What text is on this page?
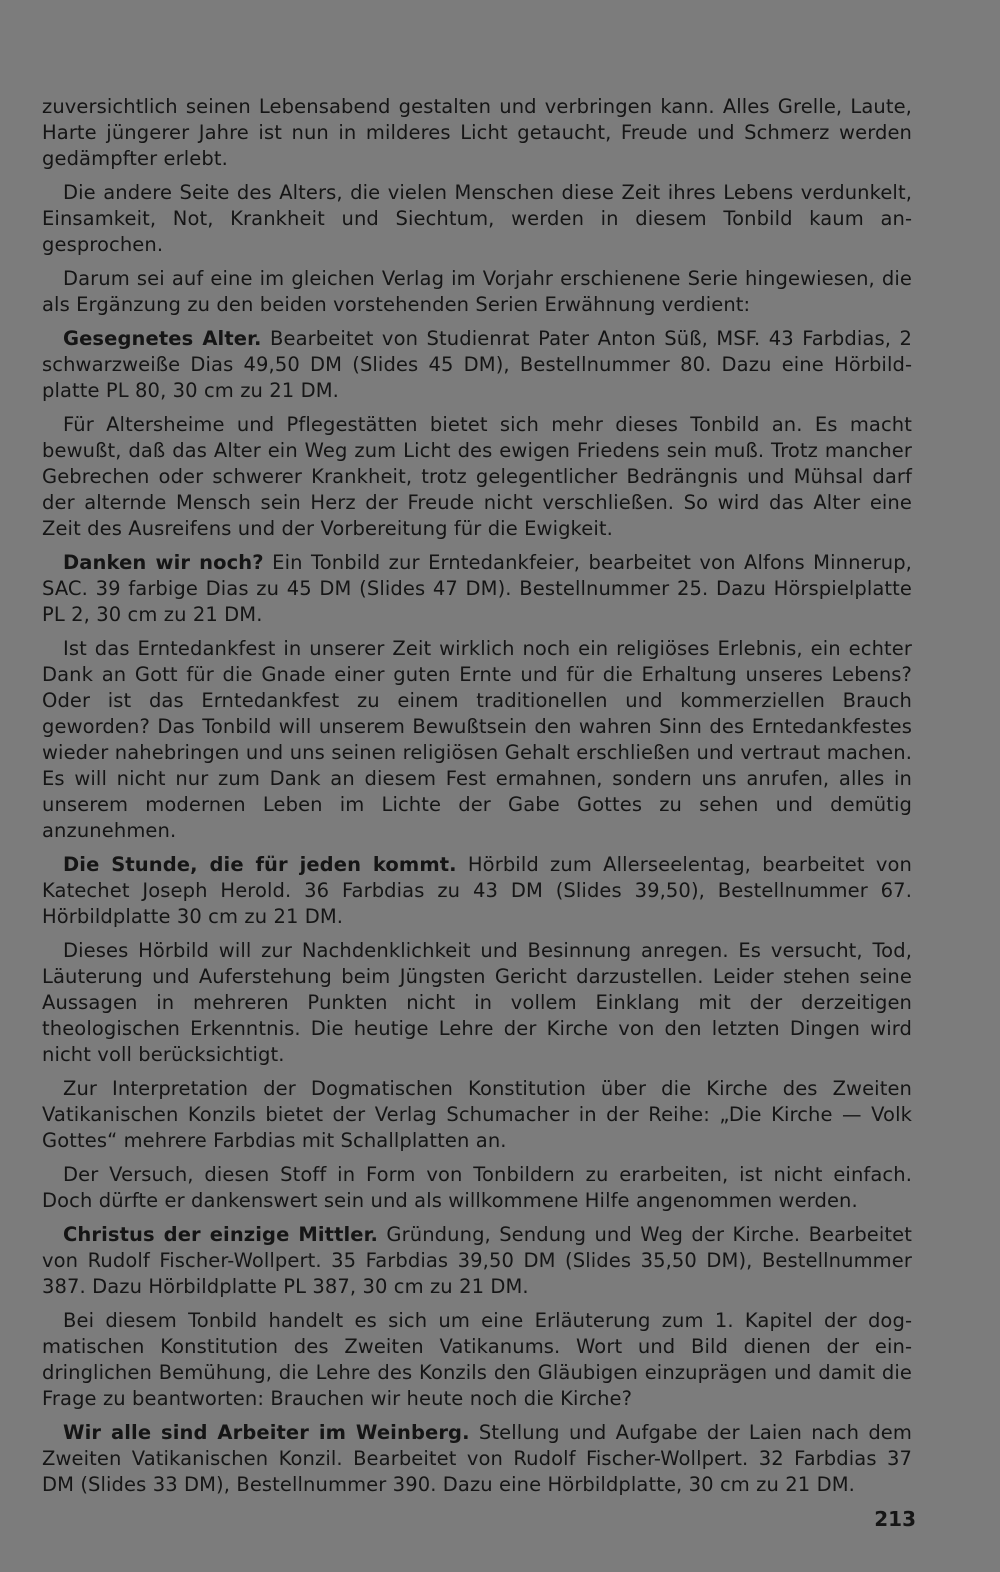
zuversichtlich seinen Lebensabend gestalten und verbringen kann. Alles Grelle, Laute, Harte jüngerer Jahre ist nun in milderes Licht getaucht, Freude und Schmerz werden gedämpfter erlebt.

Die andere Seite des Alters, die vielen Menschen diese Zeit ihres Lebens verdunkelt, Einsamkeit, Not, Krankheit und Siechtum, werden in diesem Tonbild kaum angesprochen.

Darum sei auf eine im gleichen Verlag im Vorjahr erschienene Serie hingewiesen, die als Ergänzung zu den beiden vorstehenden Serien Erwähnung verdient:

Gesegnetes Alter. Bearbeitet von Studienrat Pater Anton Süß, MSF. 43 Farbdias, 2 schwarzweiße Dias 49,50 DM (Slides 45 DM), Bestellnummer 80. Dazu eine Hörbildplatte PL 80, 30 cm zu 21 DM.

Für Altersheime und Pflegestätten bietet sich mehr dieses Tonbild an. Es macht bewußt, daß das Alter ein Weg zum Licht des ewigen Friedens sein muß. Trotz mancher Gebrechen oder schwerer Krankheit, trotz gelegentlicher Bedrängnis und Mühsal darf der alternde Mensch sein Herz der Freude nicht verschließen. So wird das Alter eine Zeit des Ausreifens und der Vorbereitung für die Ewigkeit.

Danken wir noch? Ein Tonbild zur Erntedankfeier, bearbeitet von Alfons Minnerup, SAC. 39 farbige Dias zu 45 DM (Slides 47 DM). Bestellnummer 25. Dazu Hörspielplatte PL 2, 30 cm zu 21 DM.

Ist das Erntedankfest in unserer Zeit wirklich noch ein religiöses Erlebnis, ein echter Dank an Gott für die Gnade einer guten Ernte und für die Erhaltung unseres Lebens? Oder ist das Erntedankfest zu einem traditionellen und kommerziellen Brauch geworden? Das Tonbild will unserem Bewußtsein den wahren Sinn des Erntedankfestes wieder nahebringen und uns seinen religiösen Gehalt erschließen und vertraut machen. Es will nicht nur zum Dank an diesem Fest ermahnen, sondern uns anrufen, alles in unserem modernen Leben im Lichte der Gabe Gottes zu sehen und demütig anzunehmen.

Die Stunde, die für jeden kommt. Hörbild zum Allerseelentag, bearbeitet von Katechet Joseph Herold. 36 Farbdias zu 43 DM (Slides 39,50), Bestellnummer 67. Hörbildplatte 30 cm zu 21 DM.

Dieses Hörbild will zur Nachdenklichkeit und Besinnung anregen. Es versucht, Tod, Läuterung und Auferstehung beim Jüngsten Gericht darzustellen. Leider stehen seine Aussagen in mehreren Punkten nicht in vollem Einklang mit der derzeitigen theologischen Erkenntnis. Die heutige Lehre der Kirche von den letzten Dingen wird nicht voll berücksichtigt.

Zur Interpretation der Dogmatischen Konstitution über die Kirche des Zweiten Vatikanischen Konzils bietet der Verlag Schumacher in der Reihe: „Die Kirche — Volk Gottes“ mehrere Farbdias mit Schallplatten an.

Der Versuch, diesen Stoff in Form von Tonbildern zu erarbeiten, ist nicht einfach. Doch dürfte er dankenswert sein und als willkommene Hilfe angenommen werden.

Christus der einzige Mittler. Gründung, Sendung und Weg der Kirche. Bearbeitet von Rudolf Fischer-Wollpert. 35 Farbdias 39,50 DM (Slides 35,50 DM), Bestellnummer 387. Dazu Hörbildplatte PL 387, 30 cm zu 21 DM.

Bei diesem Tonbild handelt es sich um eine Erläuterung zum 1. Kapitel der dogmatischen Konstitution des Zweiten Vatikanums. Wort und Bild dienen der eindringlichen Bemühung, die Lehre des Konzils den Gläubigen einzuprägen und damit die Frage zu beantworten: Brauchen wir heute noch die Kirche?

Wir alle sind Arbeiter im Weinberg. Stellung und Aufgabe der Laien nach dem Zweiten Vatikanischen Konzil. Bearbeitet von Rudolf Fischer-Wollpert. 32 Farbdias 37 DM (Slides 33 DM), Bestellnummer 390. Dazu eine Hörbildplatte, 30 cm zu 21 DM.

213
